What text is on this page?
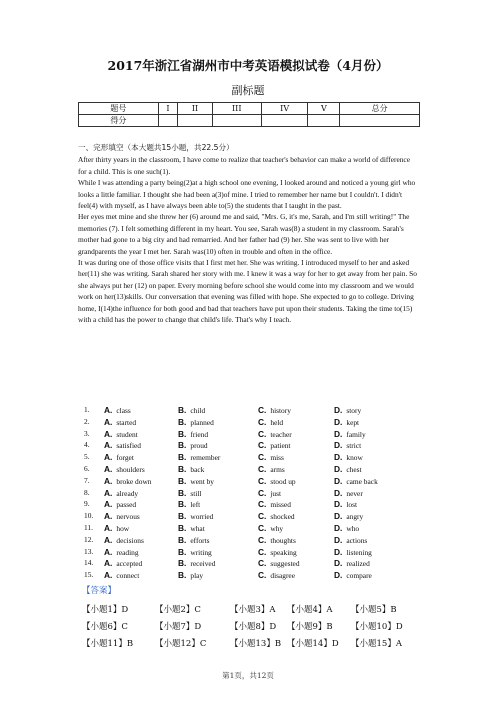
2017年浙江省湖州市中考英语模拟试卷（4月份）
副标题
题号	I	II	III	IV	V	总分
得分						

一、完形填空（本大题共15小题，共22.5分）

After thirty years in the classroom, I have come to realize that teacher's behavior can make a world of difference for a child. This is one such(1).

While I was attending a party being(2)at a high school one evening, I looked around and noticed a young girl who looks a little familiar. I thought she had been a(3)of mine. I tried to remember her name but I couldn't. I didn't feel(4) with myself, as I have always been able to(5) the students that I taught in the past.

Her eyes met mine and she threw her (6) around me and said, "Mrs. G, it's me, Sarah, and I'm still writing!" The memories (7). I felt something different in my heart. You see, Sarah was(8) a student in my classroom. Sarah's mother had gone to a big city and had remarried. And her father had (9) her. She was sent to live with her grandparents the year I met her. Sarah was(10) often in trouble and often in the office.

It was during one of those office visits that I first met her. She was writing. I introduced myself to her and asked her(11) she was writing. Sarah shared her story with me. I knew it was a way for her to get away from her pain. So she always put her (12) on paper. Every morning before school she would come into my classroom and we would work on her(13)skills. Our conversation that evening was filled with hope. She expected to go to college. Driving home, I(14)the influence for both good and bad that teachers have put upon their students. Taking the time to(15) with a child has the power to change that child's life. That's why I teach.

1. A. class	B. child	C. history	D. story
2. A. started	B. planned	C. held	D. kept
3. A. student	B. friend	C. teacher	D. family
4. A. satisfied	B. proud	C. patient	D. strict
5. A. forget	B. remember	C. miss	D. know
6. A. shoulders	B. back	C. arms	D. chest
7. A. broke down	B. went by	C. stood up	D. came back
8. A. already	B. still	C. just	D. never
9. A. passed	B. left	C. missed	D. lost
10. A. nervous	B. worried	C. shocked	D. angry
11. A. how	B. what	C. why	D. who
12. A. decisions	B. efforts	C. thoughts	D. actions
13. A. reading	B. writing	C. speaking	D. listening
14. A. accepted	B. received	C. suggested	D. realized
15. A. connect	B. play	C. disagree	D. compare
【答案】
【小题1】D	【小题2】C	【小题3】A 【小题4】A 【小题5】B
【小题6】C	【小题7】D	【小题8】D 【小题9】B 【小题10】D
【小题11】B	【小题12】C	【小题13】B 【小题14】D 【小题15】A
第1页，共12页
